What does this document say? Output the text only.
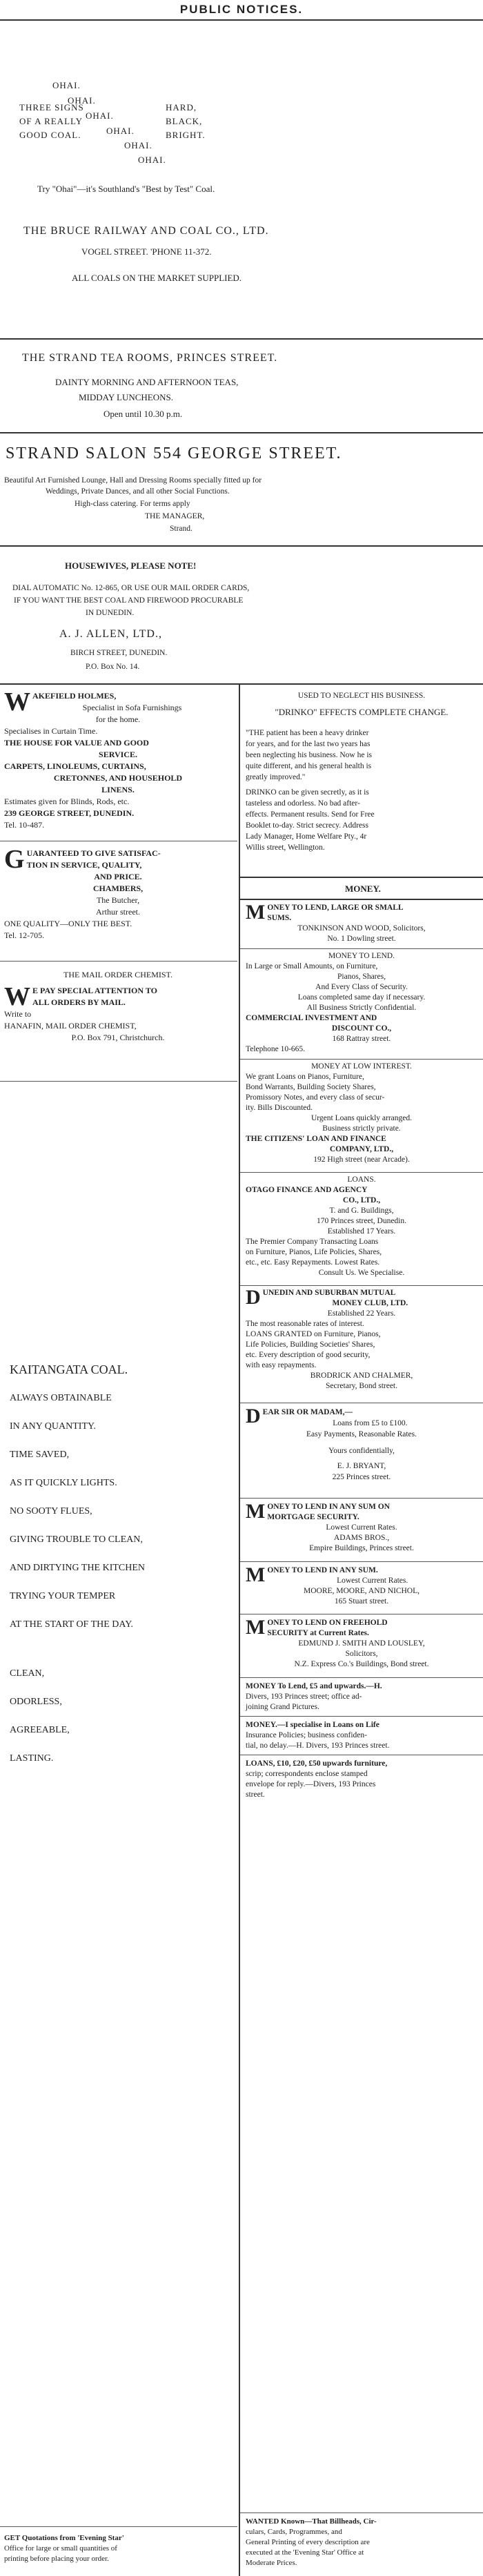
PUBLIC NOTICES.
OHAI.
OHAI.
OHAI.
OHAI.
OHAI.
OHAI.
THREE SIGNS
OF A REALLY
GOOD COAL.
HARD,
BLACK,
BRIGHT.
Try "Ohai"—it's Southland's "Best by Test" Coal.
THE BRUCE RAILWAY AND COAL CO., LTD.
VOGEL STREET. 'PHONE 11-372.
ALL COALS ON THE MARKET SUPPLIED.
THE STRAND TEA ROOMS, PRINCES STREET.
DAINTY MORNING AND AFTERNOON TEAS,
MIDDAY LUNCHEONS.
Open until 10.30 p.m.
STRAND SALON 554 GEORGE STREET.
Beautiful Art Furnished Lounge, Hall and Dressing Rooms specially fitted up for
Weddings, Private Dances, and all other Social Functions.
High-class catering. For terms apply
THE MANAGER,
Strand.
HOUSEWIVES, PLEASE NOTE!
DIAL AUTOMATIC No. 12-865, OR USE OUR MAIL ORDER CARDS,
IF YOU WANT THE BEST COAL AND FIREWOOD PROCURABLE
IN DUNEDIN.
A. J. ALLEN, LTD.,
BIRCH STREET, DUNEDIN.
P.O. Box No. 14.

WAKEFIELD HOLMES,

Specialist in Sofa Furnishings

for the home.

Specialises in Curtain Time.

THE HOUSE FOR VALUE AND GOOD

SERVICE.

CARPETS, LINOLEUMS, CURTAINS,

CRETONNES, AND HOUSEHOLD

LINENS.

Estimates given for Blinds, Rods, etc.

239 GEORGE STREET, DUNEDIN.

Tel. 10-487.

GUARANTEED TO GIVE SATISFAC-

TION IN SERVICE, QUALITY,

AND PRICE.

CHAMBERS,

The Butcher,

Arthur street.

ONE QUALITY—ONLY THE BEST.

Tel. 12-705.

THE MAIL ORDER CHEMIST.

W E PAY SPECIAL ATTENTION TO

ALL ORDERS BY MAIL.

Write to

HANAFIN, MAIL ORDER CHEMIST,

P.O. Box 791, Christchurch.

KAITANGATA COAL.

ALWAYS OBTAINABLE

IN ANY QUANTITY.

TIME SAVED,

AS IT QUICKLY LIGHTS.

NO SOOTY FLUES,

GIVING TROUBLE TO CLEAN,

AND DIRTYING THE KITCHEN

TRYING YOUR TEMPER

AT THE START OF THE DAY.

CLEAN,

ODORLESS,

AGREEABLE,

LASTING.

GET Quotations from 'Evening Star'

Office for large or small quantities of

printing before placing your order.

USED TO NEGLECT HIS BUSINESS.

"DRINKO" EFFECTS COMPLETE CHANGE.

"THE patient has been a heavy drinker

for years, and for the last two years has

been neglecting his business. Now he is

quite different, and his general health is

greatly improved."

DRINKO can be given secretly, as it is

tasteless and odorless. No bad after-

effects. Permanent results. Send for Free

Booklet to-day. Strict secrecy. Address

Lady Manager, Home Welfare Pty., 4r

Willis street, Wellington.

MONEY.

MONEY TO LEND, LARGE OR SMALL

SUMS.

TONKINSON AND WOOD, Solicitors,

No. 1 Dowling street.

MONEY TO LEND.

In Large or Small Amounts, on Furniture,

Pianos, Shares,

And Every Class of Security.

Loans completed same day if necessary.

All Business Strictly Confidential.

COMMERCIAL INVESTMENT AND

DISCOUNT CO.,

168 Rattray street.

Telephone 10-665.

MONEY AT LOW INTEREST.

We grant Loans on Pianos, Furniture,

Bond Warrants, Building Society Shares,

Promissory Notes, and every class of secur-

ity. Bills Discounted.

Urgent Loans quickly arranged.

Business strictly private.

THE CITIZENS' LOAN AND FINANCE

COMPANY, LTD.,

192 High street (near Arcade).

LOANS.

OTAGO FINANCE AND AGENCY

CO., LTD.,

T. and G. Buildings,

170 Princes street, Dunedin.

Established 17 Years.

The Premier Company Transacting Loans

on Furniture, Pianos, Life Policies, Shares,

etc., etc. Easy Repayments. Lowest Rates.

Consult Us. We Specialise.

DUNEDIN AND SUBURBAN MUTUAL

MONEY CLUB, LTD.

Established 22 Years.

The most reasonable rates of interest.

LOANS GRANTED on Furniture, Pianos,

Life Policies, Building Societies' Shares,

etc. Every description of good security,

with easy repayments.

BRODRICK AND CHALMER,

Secretary, Bond street.

DEAR SIR OR MADAM,—

Loans from £5 to £100.

Easy Payments, Reasonable Rates.

Yours confidentially,

E. J. BRYANT,

225 Princes street.

MONEY TO LEND IN ANY SUM ON

MORTGAGE SECURITY.

Lowest Current Rates.

ADAMS BROS.,

Empire Buildings, Princes street.

MONEY TO LEND IN ANY SUM.

Lowest Current Rates.

MOORE, MOORE, AND NICHOL,

165 Stuart street.

MONEY TO LEND ON FREEHOLD

SECURITY at Current Rates.

EDMUND J. SMITH AND LOUSLEY,

Solicitors,

N.Z. Express Co.'s Buildings, Bond street.

MONEY To Lend, £5 and upwards.—H.

Divers, 193 Princes street; office ad-

joining Grand Pictures.

MONEY.—I specialise in Loans on Life

Insurance Policies; business confiden-

tial, no delay.—H. Divers, 193 Princes street.

LOANS, £10, £20, £50 upwards furniture,

scrip; correspondents enclose stamped

envelope for reply.—Divers, 193 Princes

street.

WANTED Known—That Billheads, Cir-

culars, Cards, Programmes, and

General Printing of every description are

executed at the 'Evening Star' Office at

Moderate Prices.
